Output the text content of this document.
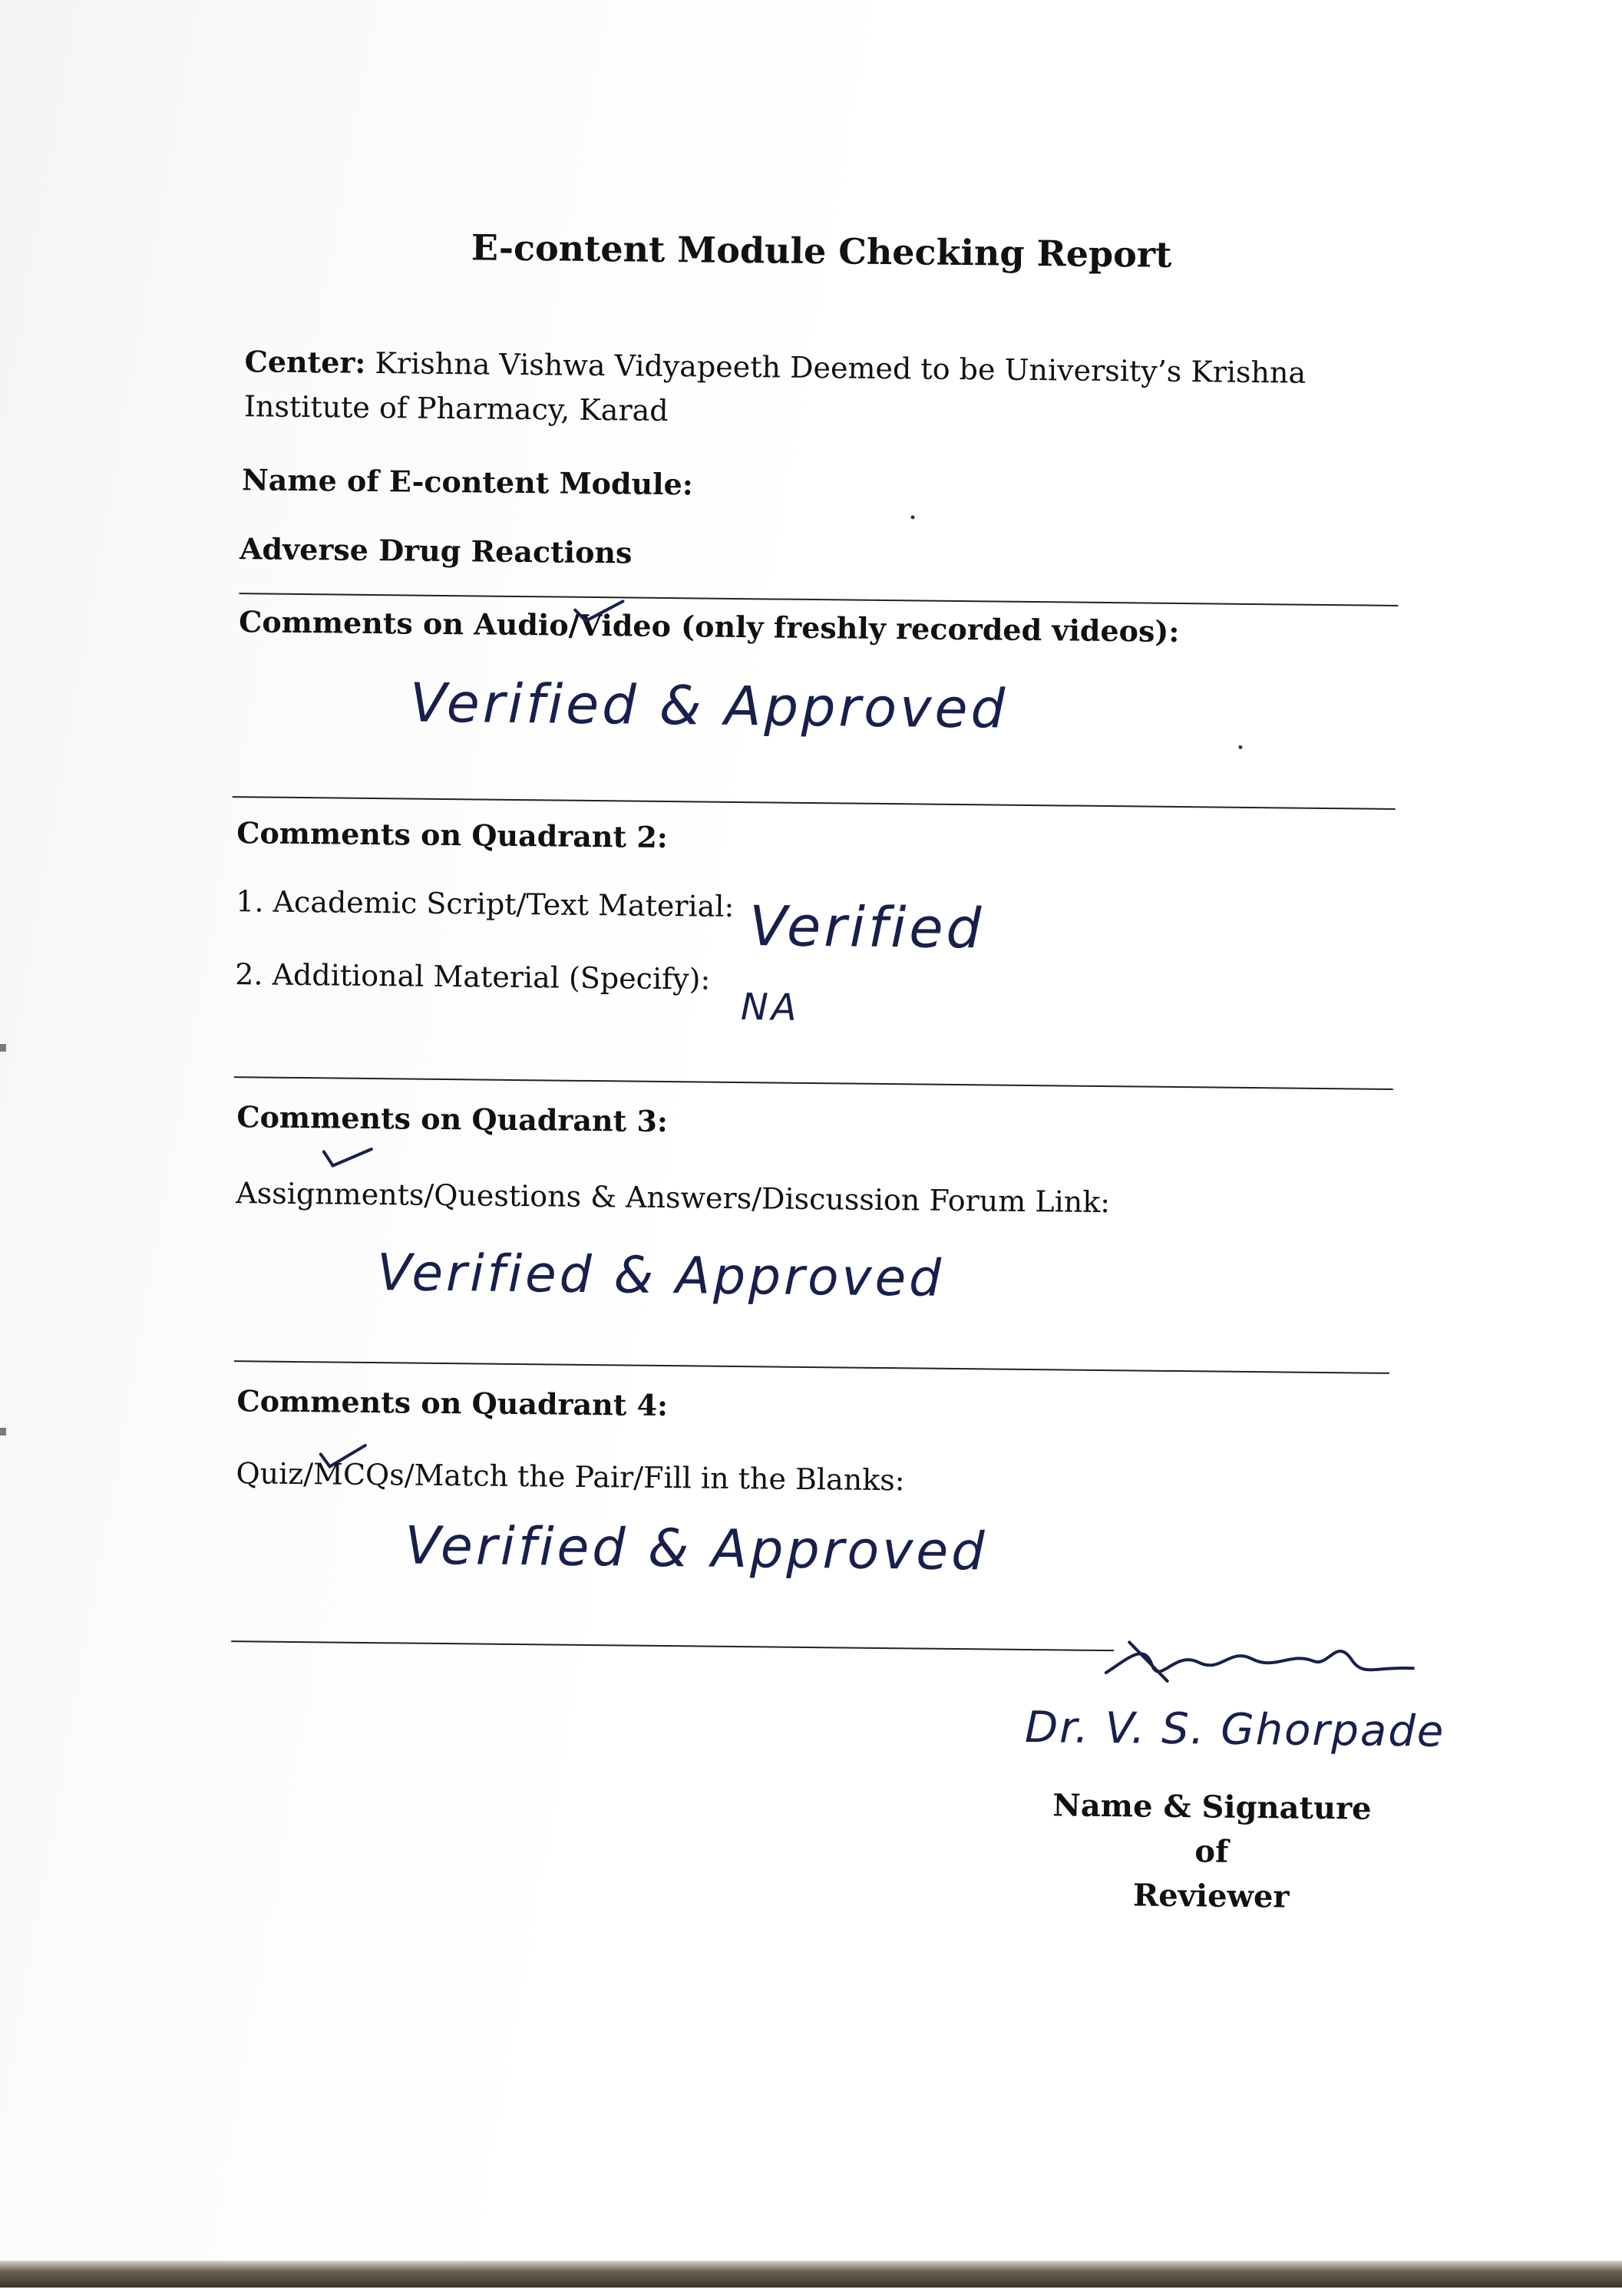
E-content Module Checking Report
Center: Krishna Vishwa Vidyapeeth Deemed to be University’s Krishna Institute of Pharmacy, Karad
Name of E-content Module:
Adverse Drug Reactions
Comments on Audio/Video (only freshly recorded videos):
Verified & Approved
Comments on Quadrant 2:
1. Academic Script/Text Material: Verified
2. Additional Material (Specify):
NA
Comments on Quadrant 3:
Assignments/Questions & Answers/Discussion Forum Link:
Verified & Approved
Comments on Quadrant 4:
Quiz/MCQs/Match the Pair/Fill in the Blanks:
Verified & Approved
Dr. V. S. Ghorpade
Name & Signature of
Reviewer
